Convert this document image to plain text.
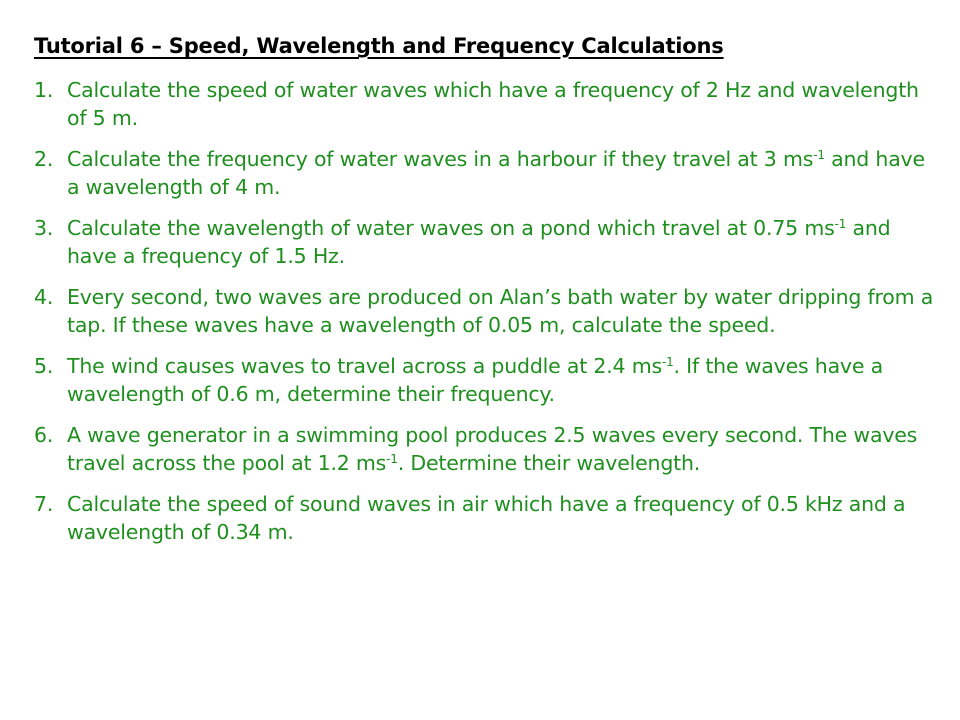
Tutorial 6 – Speed, Wavelength and Frequency Calculations
1. Calculate the speed of water waves which have a frequency of 2 Hz and wavelength of 5 m.
2. Calculate the frequency of water waves in a harbour if they travel at 3 $ms^{-1}$ and have a wavelength of 4 m.
3. Calculate the wavelength of water waves on a pond which travel at 0.75 $ms^{-1}$ and have a frequency of 1.5 Hz.
4. Every second, two waves are produced on Alan’s bath water by water dripping from a tap. If these waves have a wavelength of 0.05 m, calculate the speed.
5. The wind causes waves to travel across a puddle at 2.4 $ms^{-1}$. If the waves have a wavelength of 0.6 m, determine their frequency.
6. A wave generator in a swimming pool produces 2.5 waves every second. The waves travel across the pool at 1.2 $ms^{-1}$. Determine their wavelength.
7. Calculate the speed of sound waves in air which have a frequency of 0.5 kHz and a wavelength of 0.34 m.
